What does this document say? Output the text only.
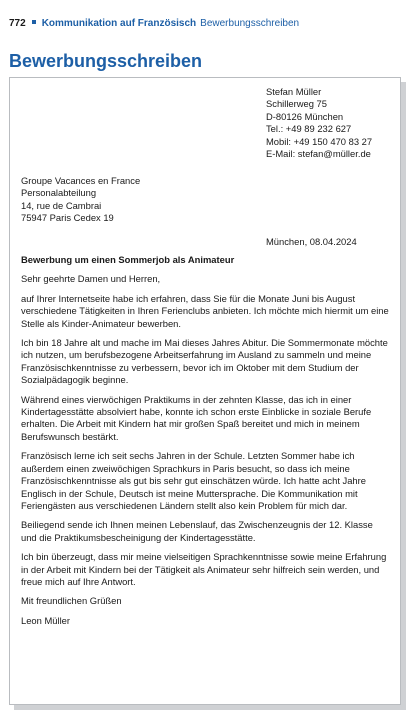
772 Kommunikation auf Französisch Bewerbungsschreiben
Bewerbungsschreiben
Stefan Müller
Schillerweg 75
D-80126 München
Tel.: +49 89 232 627
Mobil: +49 150 470 83 27
E-Mail: stefan@müller.de
Groupe Vacances en France
Personalabteilung
14, rue de Cambrai
75947 Paris Cedex 19
München, 08.04.2024

Bewerbung um einen Sommerjob als Animateur

Sehr geehrte Damen und Herren,

auf Ihrer Internetseite habe ich erfahren, dass Sie für die Monate Juni bis August verschiedene Tätigkeiten in Ihren Ferienclubs anbieten. Ich möchte mich hiermit um eine Stelle als Kinder-Animateur bewerben.

Ich bin 18 Jahre alt und mache im Mai dieses Jahres Abitur. Die Sommermonate möchte ich nutzen, um berufsbezogene Arbeitserfahrung im Ausland zu sammeln und meine Französischkenntnisse zu verbessern, bevor ich im Oktober mit dem Studium der Sozialpädagogik beginne.

Während eines vierwöchigen Praktikums in der zehnten Klasse, das ich in einer Kindertagesstätte absolviert habe, konnte ich schon erste Einblicke in soziale Berufe erhalten. Die Arbeit mit Kindern hat mir großen Spaß bereitet und mich in meinem Berufswunsch bestärkt.

Französisch lerne ich seit sechs Jahren in der Schule. Letzten Sommer habe ich außerdem einen zweiwöchigen Sprachkurs in Paris besucht, so dass ich meine Französischkenntnisse als gut bis sehr gut einschätzen würde. Ich hatte acht Jahre Englisch in der Schule, Deutsch ist meine Muttersprache. Die Kommunikation mit Feriengästen aus verschiedenen Ländern stellt also kein Problem für mich dar.

Beiliegend sende ich Ihnen meinen Lebenslauf, das Zwischenzeugnis der 12. Klasse und die Praktikumsbescheinigung der Kindertagesstätte.

Ich bin überzeugt, dass mir meine vielseitigen Sprachkenntnisse sowie meine Erfahrung in der Arbeit mit Kindern bei der Tätigkeit als Animateur sehr hilfreich sein werden, und freue mich auf Ihre Antwort.

Mit freundlichen Grüßen

Leon Müller
